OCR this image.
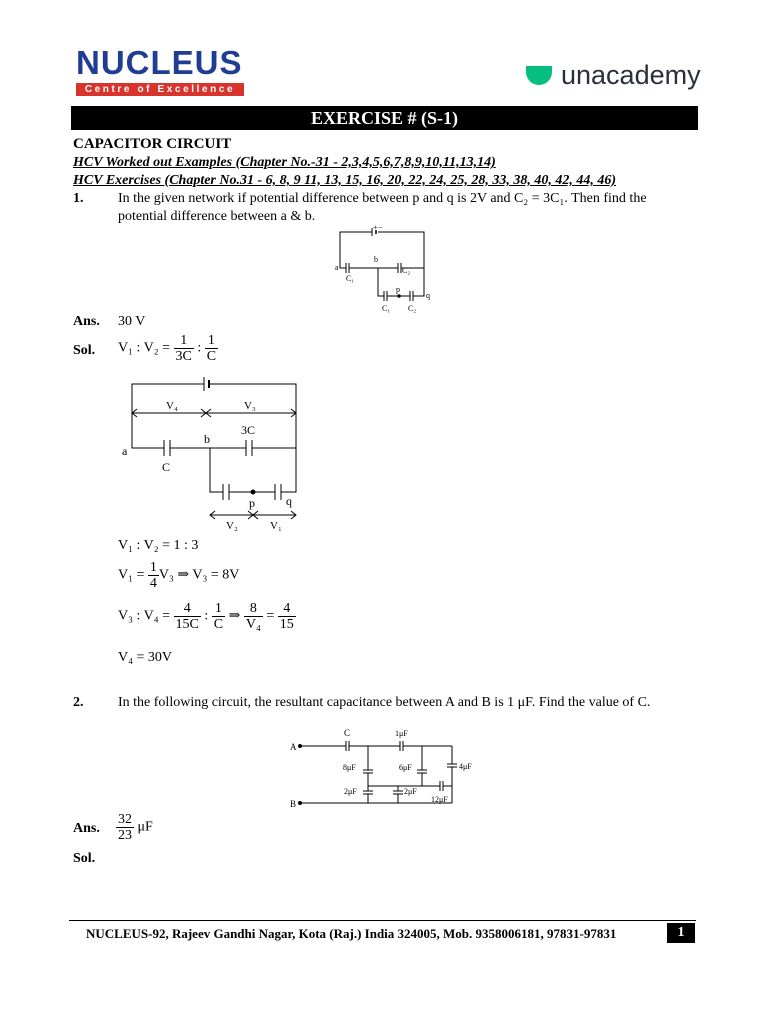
NUCLEUS
Centre of Excellence	unacademy
EXERCISE # (S-1)
CAPACITOR CIRCUIT
HCV Worked out Examples (Chapter No.-31 - 2,3,4,5,6,7,8,9,10,11,13,14)
HCV Exercises (Chapter No.31 - 6, 8, 9 11, 13, 15, 16, 20, 22, 24, 25, 28, 33, 38, 40, 42, 44, 46)
1. In the given network if potential difference between p and q is 2V and C₂ = 3C₁. Then find the
potential difference between a & b.
+ −
a
b
C₁
C₂
p
q
C₁ C₂
Ans. 30 V
Sol. V₁ : $V_2 = \frac{1}{3C}$ : $\frac{1}{C}$
V₄	V₃
a
C
b
3C
p	q
V₂	V₁
V₁ : V₂ = 1 : 3
$V_1 = \frac{1}{4} V_3$ ⇒ V₃ = 8V
V₃ : $V_4 = \frac{4}{15C}$ : $\frac{1}{C}$ ⇒ $\frac{8}{\text{V₄}} = \frac{4}{15}$
V₄ = 30V
2. In the following circuit, the resultant capacitance between A and B is 1 μF. Find the value of C.
A
B
C	1μF
8μF	6μF	4μF
2μF	2μF
12μF
Ans. $\frac{32}{23}$ μF
Sol.
NUCLEUS-92, Rajeev Gandhi Nagar, Kota (Raj.) India 324005, Mob. 9358006181, 97831-97831	1
